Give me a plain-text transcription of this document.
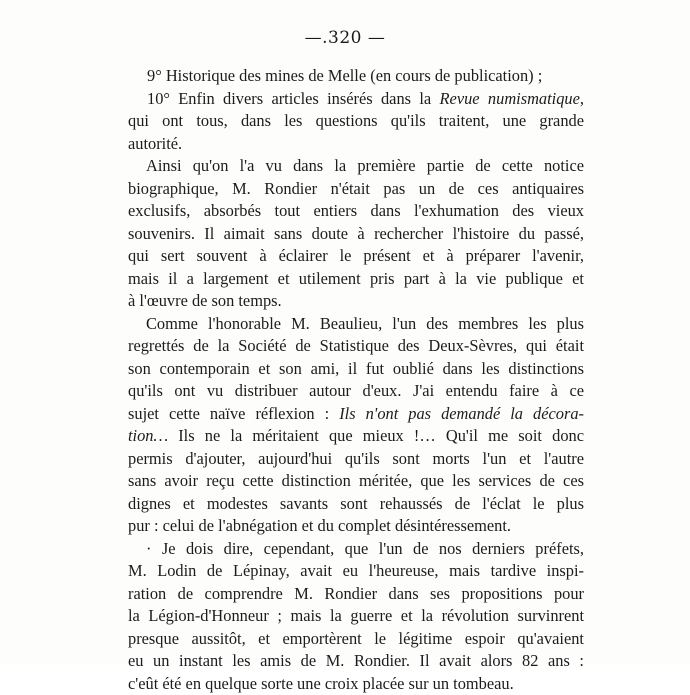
—.320 —
9° Historique des mines de Melle (en cours de publication) ;
10° Enfin divers articles insérés dans la Revue numismatique,
qui ont tous, dans les questions qu'ils traitent, une grande
autorité.
Ainsi qu'on l'a vu dans la première partie de cette notice
biographique, M. Rondier n'était pas un de ces antiquaires
exclusifs, absorbés tout entiers dans l'exhumation des vieux
souvenirs. Il aimait sans doute à rechercher l'histoire du passé,
qui sert souvent à éclairer le présent et à préparer l'avenir,
mais il a largement et utilement pris part à la vie publique et
à l'œuvre de son temps.
Comme l'honorable M. Beaulieu, l'un des membres les plus
regrettés de la Société de Statistique des Deux-Sèvres, qui était
son contemporain et son ami, il fut oublié dans les distinctions
qu'ils ont vu distribuer autour d'eux. J'ai entendu faire à ce
sujet cette naïve réflexion : Ils n'ont pas demandé la décora-
tion… Ils ne la méritaient que mieux !… Qu'il me soit donc
permis d'ajouter, aujourd'hui qu'ils sont morts l'un et l'autre
sans avoir reçu cette distinction méritée, que les services de ces
dignes et modestes savants sont rehaussés de l'éclat le plus
pur : celui de l'abnégation et du complet désintéressement.
· Je dois dire, cependant, que l'un de nos derniers préfets,
M. Lodin de Lépinay, avait eu l'heureuse, mais tardive inspi-
ration de comprendre M. Rondier dans ses propositions pour
la Légion-d'Honneur ; mais la guerre et la révolution survinrent
presque aussitôt, et emportèrent le légitime espoir qu'avaient
eu un instant les amis de M. Rondier. Il avait alors 82 ans :
c'eût été en quelque sorte une croix placée sur un tombeau.
